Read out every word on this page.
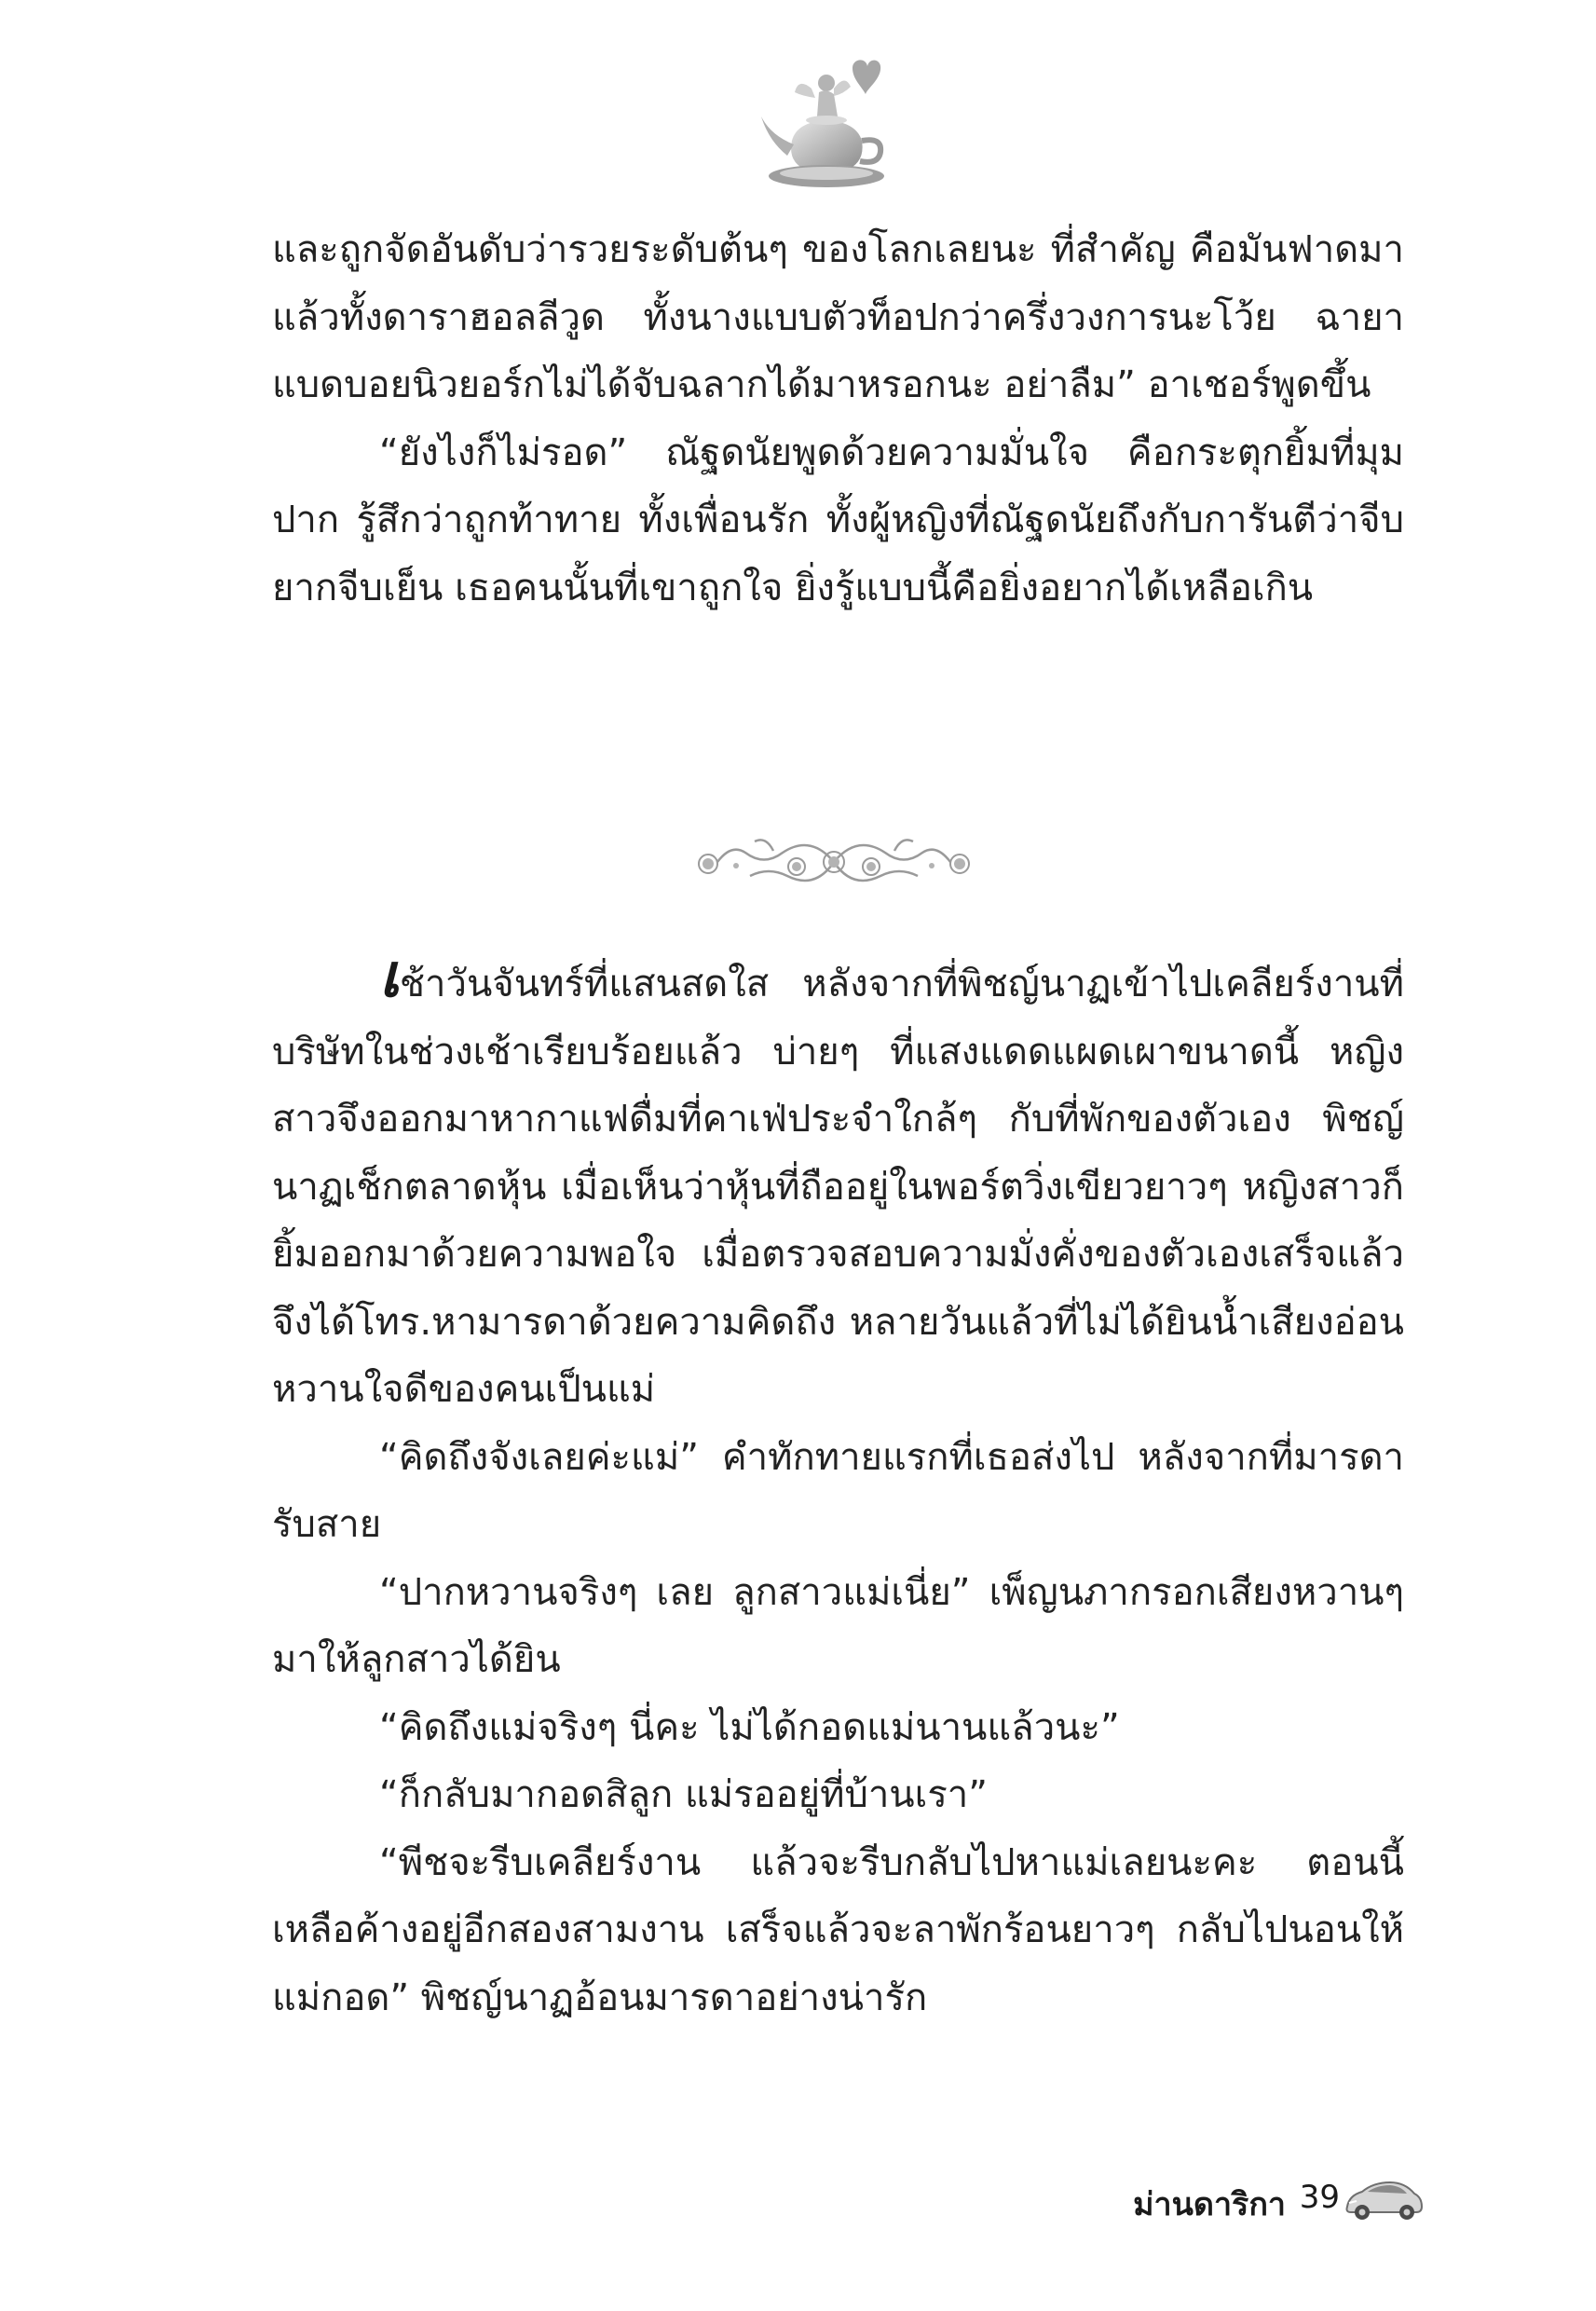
และถูกจัดอันดับว่ารวยระดับต้นๆ ของโลกเลยนะ ที่สำคัญ คือมันฟาดมาแล้วทั้งดาราฮอลลีวูด ทั้งนางแบบตัวท็อปกว่าครึ่งวงการนะโว้ย ฉายาแบดบอยนิวยอร์กไม่ได้จับฉลากได้มาหรอกนะ อย่าลืม” อาเชอร์พูดขึ้น

“ยังไงก็ไม่รอด” ณัฐดนัยพูดด้วยความมั่นใจ คือกระตุกยิ้มที่มุมปาก รู้สึกว่าถูกท้าทาย ทั้งเพื่อนรัก ทั้งผู้หญิงที่ณัฐดนัยถึงกับการันตีว่าจีบยากจีบเย็น เธอคนนั้นที่เขาถูกใจ ยิ่งรู้แบบนี้คือยิ่งอยากได้เหลือเกิน

เช้าวันจันทร์ที่แสนสดใส หลังจากที่พิชญ์นาฏเข้าไปเคลียร์งานที่บริษัทในช่วงเช้าเรียบร้อยแล้ว บ่ายๆ ที่แสงแดดแผดเผาขนาดนี้ หญิงสาวจึงออกมาหากาแฟดื่มที่คาเฟ่ประจำใกล้ๆ กับที่พักของตัวเอง พิชญ์นาฏเช็กตลาดหุ้น เมื่อเห็นว่าหุ้นที่ถืออยู่ในพอร์ตวิ่งเขียวยาวๆ หญิงสาวก็ยิ้มออกมาด้วยความพอใจ เมื่อตรวจสอบความมั่งคั่งของตัวเองเสร็จแล้วจึงได้โทร.หามารดาด้วยความคิดถึง หลายวันแล้วที่ไม่ได้ยินน้ำเสียงอ่อนหวานใจดีของคนเป็นแม่

“คิดถึงจังเลยค่ะแม่” คำทักทายแรกที่เธอส่งไป หลังจากที่มารดารับสาย

“ปากหวานจริงๆ เลย ลูกสาวแม่เนี่ย” เพ็ญนภากรอกเสียงหวานๆ มาให้ลูกสาวได้ยิน

“คิดถึงแม่จริงๆ นี่คะ ไม่ได้กอดแม่นานแล้วนะ”

“ก็กลับมากอดสิลูก แม่รออยู่ที่บ้านเรา”

“พีชจะรีบเคลียร์งาน แล้วจะรีบกลับไปหาแม่เลยนะคะ ตอนนี้เหลือค้างอยู่อีกสองสามงาน เสร็จแล้วจะลาพักร้อนยาวๆ กลับไปนอนให้แม่กอด” พิชญ์นาฏอ้อนมารดาอย่างน่ารัก

ม่านดาริกา 39
